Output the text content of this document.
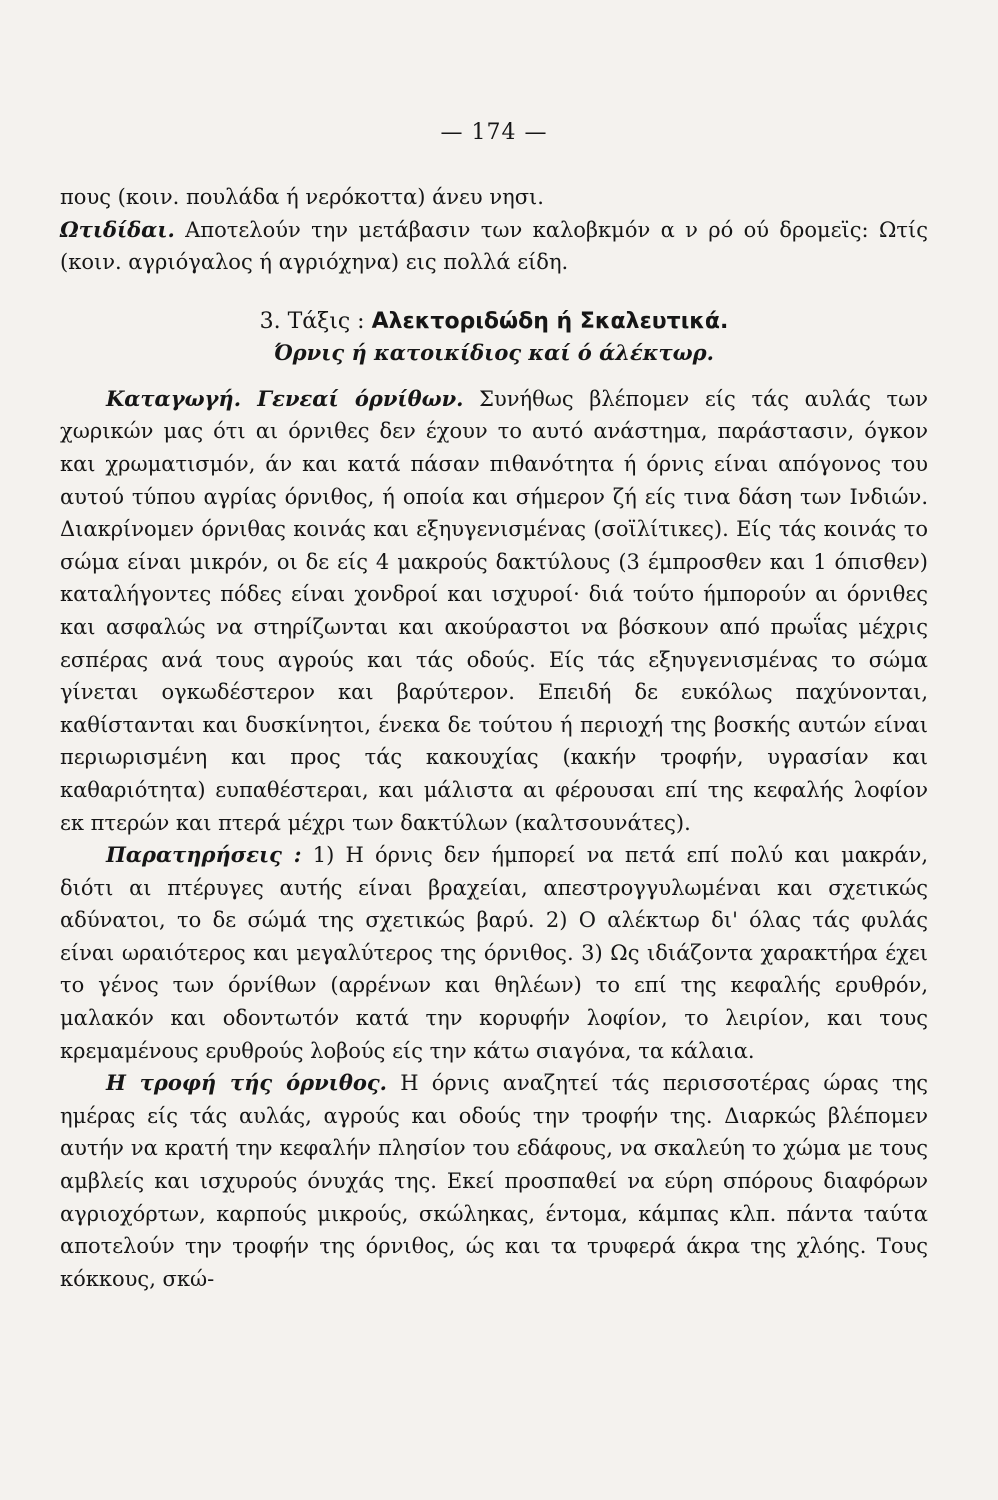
— 174 —

πους (κοιν. πουλάδα ή νερόκοττα) άνευ νησι.
Ωτιδίδαι. Αποτελούν την μετάβασιν των καλοβκμόν α ν ρό ού δρομεϊς: Ωτίς (κοιν. αγριόγαλος ή αγριόχηνα) εις πολλά είδη.

3. Τάξις : Αλεκτοριδώδη ή Σκαλευτικά.
Όρνις ή κατοικίδιος καί ό άλέκτωρ.

Καταγωγή. Γενεαί όρνίθων. Συνήθως βλέπομεν είς τάς αυλάς των χωρικών μας ότι αι όρνιθες δεν έχουν το αυτό ανάστημα, παράστασιν, όγκον και χρωματισμόν, άν και κατά πάσαν πιθανότητα ή όρνις είναι απόγονος του αυτού τύπου αγρίας όρνιθος, ή οποία και σήμερον ζή είς τινα δάση των Ινδιών. Διακρίνομεν όρνιθας κοινάς και εξηυγενισμένας (σοϊλίτικες). Είς τάς κοινάς το σώμα είναι μικρόν, οι δε είς 4 μακρούς δακτύλους (3 έμπροσθεν και 1 όπισθεν) καταλήγοντες πόδες είναι χονδροί και ισχυροί· διά τούτο ήμπορούν αι όρνιθες και ασφαλώς να στηρίζωνται και ακούραστοι να βόσκουν από πρωΐας μέχρις εσπέρας ανά τους αγρούς και τάς οδούς. Είς τάς εξηυγενισμένας το σώμα γίνεται ογκωδέστερον και βαρύτερον. Επειδή δε ευκόλως παχύνονται, καθίστανται και δυσκίνητοι, ένεκα δε τούτου ή περιοχή της βοσκής αυτών είναι περιωρισμένη και προς τάς κακουχίας (κακήν τροφήν, υγρασίαν και καθαριότητα) ευπαθέστεραι, και μάλιστα αι φέρουσαι επί της κεφαλής λοφίον εκ πτερών και πτερά μέχρι των δακτύλων (καλτσουνάτες).

Παρατηρήσεις : 1) Η όρνις δεν ήμπορεί να πετά επί πολύ και μακράν, διότι αι πτέρυγες αυτής είναι βραχείαι, απεστρογγυλωμέναι και σχετικώς αδύνατοι, το δε σώμά της σχετικώς βαρύ. 2) Ο αλέκτωρ δι' όλας τάς φυλάς είναι ωραιότερος και μεγαλύτερος της όρνιθος. 3) Ως ιδιάζοντα χαρακτήρα έχει το γένος των όρνίθων (αρρένων και θηλέων) το επί της κεφαλής ερυθρόν, μαλακόν και οδοντωτόν κατά την κορυφήν λοφίον, το λειρίον, και τους κρεμαμένους ερυθρούς λοβούς είς την κάτω σιαγόνα, τα κάλαια.

Η τροφή τής όρνιθος. Η όρνις αναζητεί τάς περισσοτέρας ώρας της ημέρας είς τάς αυλάς, αγρούς και οδούς την τροφήν της. Διαρκώς βλέπομεν αυτήν να κρατή την κεφαλήν πλησίον του εδάφους, να σκαλεύη το χώμα με τους αμβλείς και ισχυρούς όνυχάς της. Εκεί προσπαθεί να εύρη σπόρους διαφόρων αγριοχόρτων, καρπούς μικρούς, σκώληκας, έντομα, κάμπας κλπ. πάντα ταύτα αποτελούν την τροφήν της όρνιθος, ώς και τα τρυφερά άκρα της χλόης. Τους κόκκους, σκώ-
